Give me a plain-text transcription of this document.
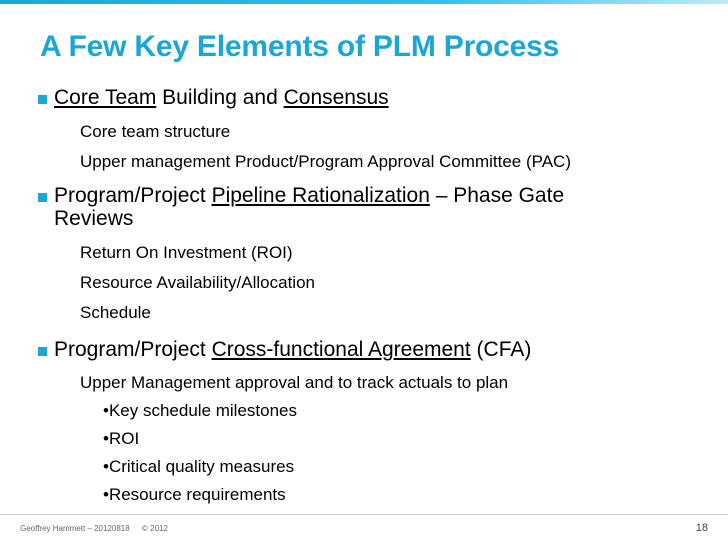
A Few Key Elements of PLM Process
Core Team Building and Consensus
Core team structure
Upper management Product/Program Approval Committee (PAC)
Program/Project Pipeline Rationalization – Phase Gate
Reviews
Return On Investment (ROI)
Resource Availability/Allocation
Schedule
Program/Project Cross-functional Agreement (CFA)
Upper Management approval and to track actuals to plan
•Key schedule milestones
•ROI
•Critical quality measures
•Resource requirements
Geoffrey Hammett – 20120818 © 2012	18
